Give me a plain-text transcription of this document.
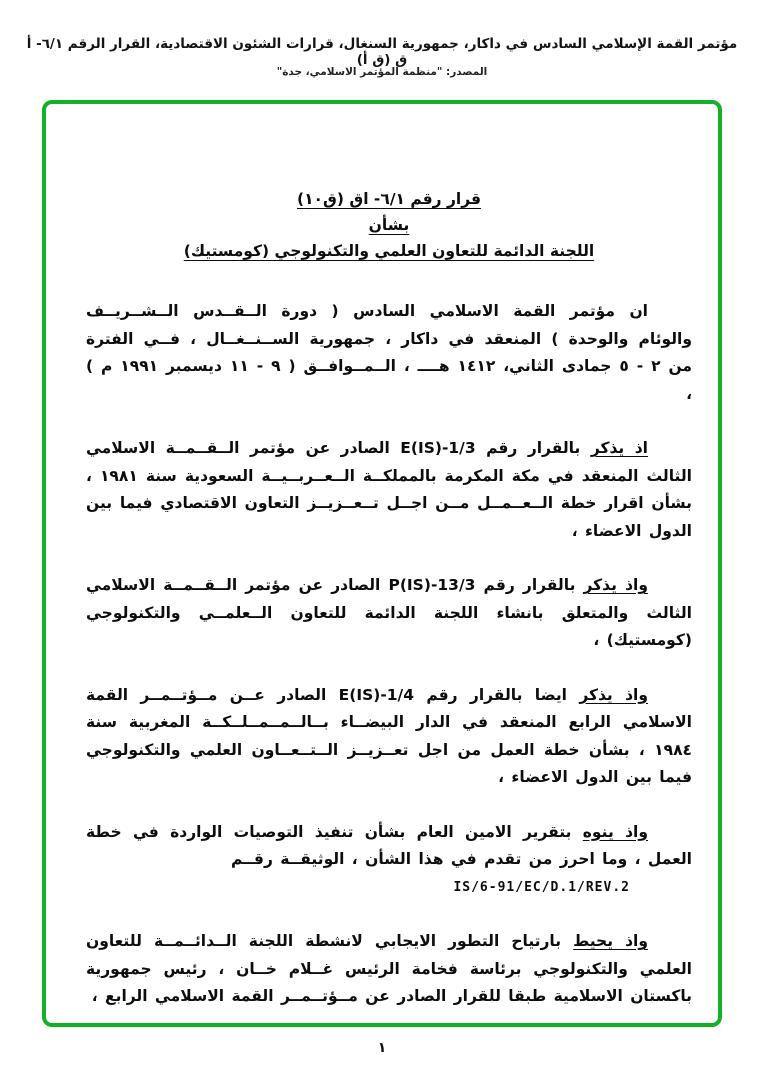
مؤتمر القمة الإسلامي السادس في داكار، جمهورية السنغال، قرارات الشئون الاقتصادية، القرار الرقم ٦/١- أ ق (ق أ)
المصدر: "منظمة المؤتمر الاسلامي، جدة"
قرار رقم ٦/١- اق (ق١٠)
بشأن
اللجنة الدائمة للتعاون العلمي والتكنولوجي (كومستيك)

ان مؤتمر القمة الاسلامي السادس ( دورة الــقــدس الــشــريــف والوئام والوحدة ) المنعقد في داكار ، جمهورية الســنــغــال ، فــي الفترة من ٢ - ٥ جمادى الثاني، ١٤١٢ هــــ ، الــمــوافــق ( ٩ - ١١ ديسمبر ١٩٩١ م ) ،

اذ يذكر بالقرار رقم 1/3-E(IS) الصادر عن مؤتمر الــقــمــة الاسلامي الثالث المنعقد في مكة المكرمة بالمملكــة الــعــربــيــة السعودية سنة ١٩٨١ ، بشأن اقرار خطة الــعــمــل مــن اجــل تــعــزيــز التعاون الاقتصادي فيما بين الدول الاعضاء ،

واذ يذكر بالقرار رقم 13/3-P(IS) الصادر عن مؤتمر الــقــمــة الاسلامي الثالث والمتعلق بانشاء اللجنة الدائمة للتعاون الــعلمــي والتكنولوجي (كومستيك) ،

واذ يذكر ايضا بالقرار رقم 1/4-E(IS) الصادر عــن مــؤتــمــر القمة الاسلامي الرابع المنعقد في الدار البيضــاء بــالــمــمــلــكــة المغربية سنة ١٩٨٤ ، بشأن خطة العمل من اجل تعــزيــز الــتــعــاون العلمي والتكنولوجي فيما بين الدول الاعضاء ،

واذ ينوه بتقرير الامين العام بشأن تنفيذ التوصيات الواردة في خطة العمل ، وما احرز من تقدم في هذا الشأن ، الوثيقــة رقــم

IS/6-91/EC/D.1/REV.2

واذ يحيط بارتياح التطور الايجابي لانشطة اللجنة الــدائــمــة للتعاون العلمي والتكنولوجي برئاسة فخامة الرئيس غــلام خــان ، رئيس جمهورية باكستان الاسلامية طبقا للقرار الصادر عن مــؤتــمــر القمة الاسلامي الرابع ،

١
